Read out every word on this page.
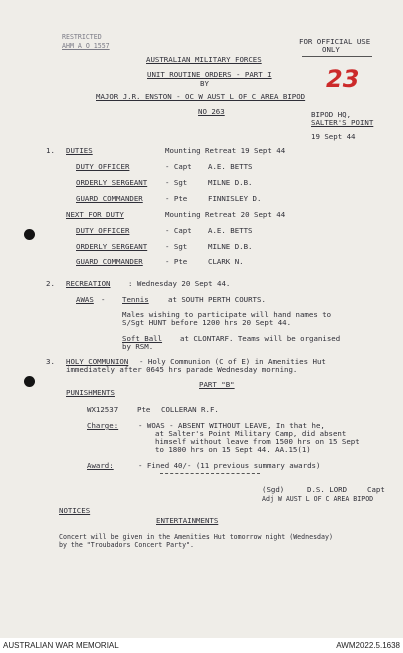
RESTRICTED
AHM A O 1557	FOR OFFICIAL USE
ONLY
23
AUSTRALIAN MILITARY FORCES
UNIT ROUTINE ORDERS - PART I
BY
MAJOR J.R. ENSTON - OC W AUST L OF C AREA BIPOD
NO 263	BIPOD HQ,
SALTER'S POINT
19 Sept 44
1. DUTIES	Mounting Retreat 19 Sept 44
DUTY OFFICER	- Capt A.E. BETTS
ORDERLY SERGEANT - Sgt	MILNE D.B.
GUARD COMMANDER	- Pte	FINNISLEY D.
NEXT FOR DUTY	Mounting Retreat 20 Sept 44
DUTY OFFICER	- Capt A.E. BETTS
ORDERLY SERGEANT - Sgt	MILNE D.B.
GUARD COMMANDER	- Pte	CLARK N.
2. RECREATION : Wednesday 20 Sept 44.
AWAS - Tennis	at SOUTH PERTH COURTS.
Males wishing to participate will hand names to
S/Sgt HUNT before 1200 hrs 20 Sept 44.
Soft Ball at CLONTARF. Teams will be organised
by RSM.
3. HOLY COMMUNION - Holy Communion (C of E) in Amenities Hut
immediately after 0645 hrs parade Wednesday morning.
PART "B"
PUNISHMENTS
WX12537	Pte COLLERAN R.F.
Charge:	- WOAS - ABSENT WITHOUT LEAVE, In that he,
at Salter's Point Military Camp, did absent
himself without leave from 1500 hrs on 15 Sept
to 1800 hrs on 15 Sept 44. AA.15(1)
Award:	- Fined 40/- (11 previous summary awards)
(Sgd)	D.S. LORD	Capt
Adj W AUST L OF C AREA BIPOD
NOTICES
ENTERTAINMENTS
Concert will be given in the Amenities Hut tomorrow night (Wednesday)
by the "Troubadors Concert Party".
AUSTRALIAN WAR MEMORIAL	AWM2022.5.1638
